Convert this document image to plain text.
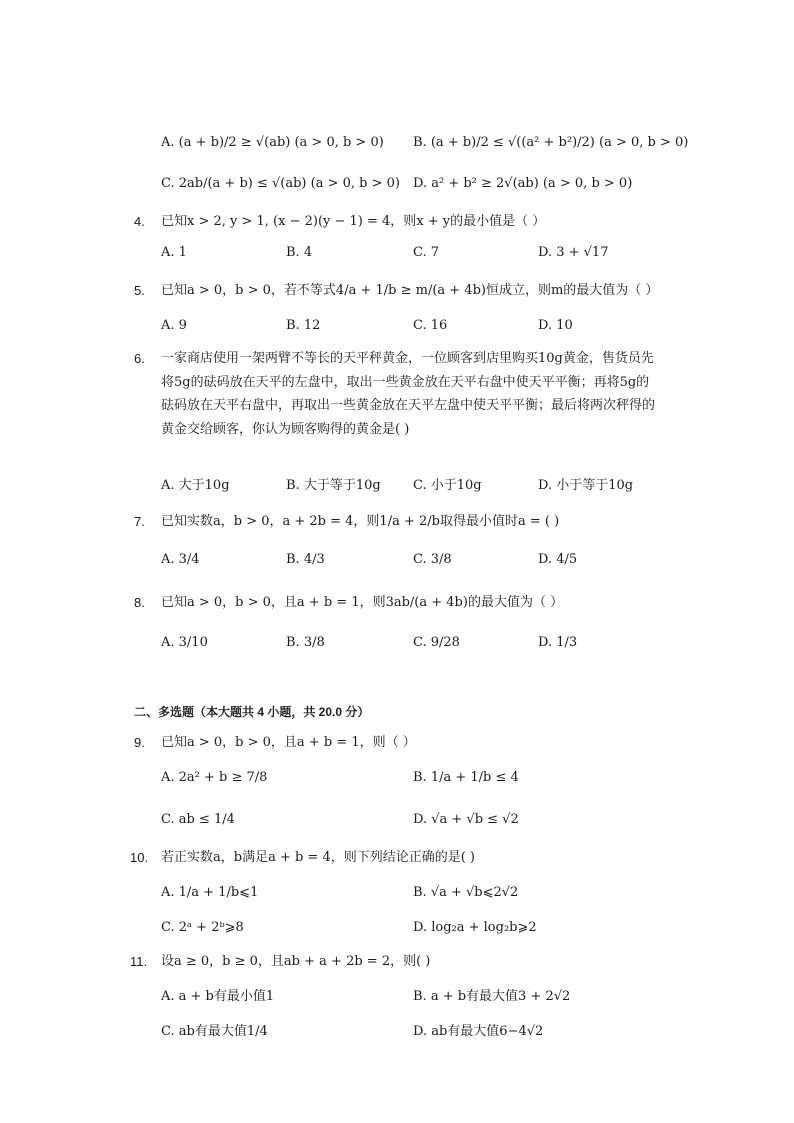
A. (a + b)/2 ≥ √(ab) (a > 0, b > 0) B. (a + b)/2 ≤ √((a² + b²)/2) (a > 0, b > 0)
C. 2ab/(a + b) ≤ √(ab) (a > 0, b > 0) D. a² + b² ≥ 2√(ab) (a > 0, b > 0)
4. 已知x > 2, y > 1, (x − 2)(y − 1) = 4，则x + y的最小值是（ ）
A. 1	B. 4	C. 7	D. 3 + √17
5. 已知a > 0，b > 0，若不等式4/a + 1/b ≥ m/(a + 4b)恒成立，则m的最大值为（ ）
A. 9	B. 12	C. 16	D. 10
6. 一家商店使用一架两臂不等长的天平秤黄金，一位顾客到店里购买10g黄金，售货员先将5g的砝码放在天平的左盘中，取出一些黄金放在天平右盘中使天平平衡；再将5g的砝码放在天平右盘中，再取出一些黄金放在天平左盘中使天平平衡；最后将两次秤得的黄金交给顾客，你认为顾客购得的黄金是( )
A. 大于10g	B. 大于等于10g C. 小于10g	D. 小于等于10g
7. 已知实数a，b > 0，a + 2b = 4，则1/a + 2/b取得最小值时a = ( )
A. 3/4	B. 4/3	C. 3/8	D. 4/5
8. 已知a > 0，b > 0，且a + b = 1，则3ab/(a + 4b)的最大值为（ ）
A. 3/10	B. 3/8	C. 9/28	D. 1/3
二、多选题（本大题共 4 小题，共 20.0 分）
9. 已知a > 0，b > 0，且a + b = 1，则（ ）
A. 2a² + b ≥ 7/8	B. 1/a + 1/b ≤ 4
C. ab ≤ 1/4	D. √a + √b ≤ √2
10. 若正实数a，b满足a + b = 4，则下列结论正确的是( )
A. 1/a + 1/b⩽1	B. √a + √b⩽2√2
C. 2ᵃ + 2ᵇ⩾8	D. log₂a + log₂b⩾2
11. 设a ≥ 0，b ≥ 0，且ab + a + 2b = 2，则( )
A. a + b有最小值1	B. a + b有最大值3 + 2√2
C. ab有最大值1/4	D. ab有最大值6−4√2
